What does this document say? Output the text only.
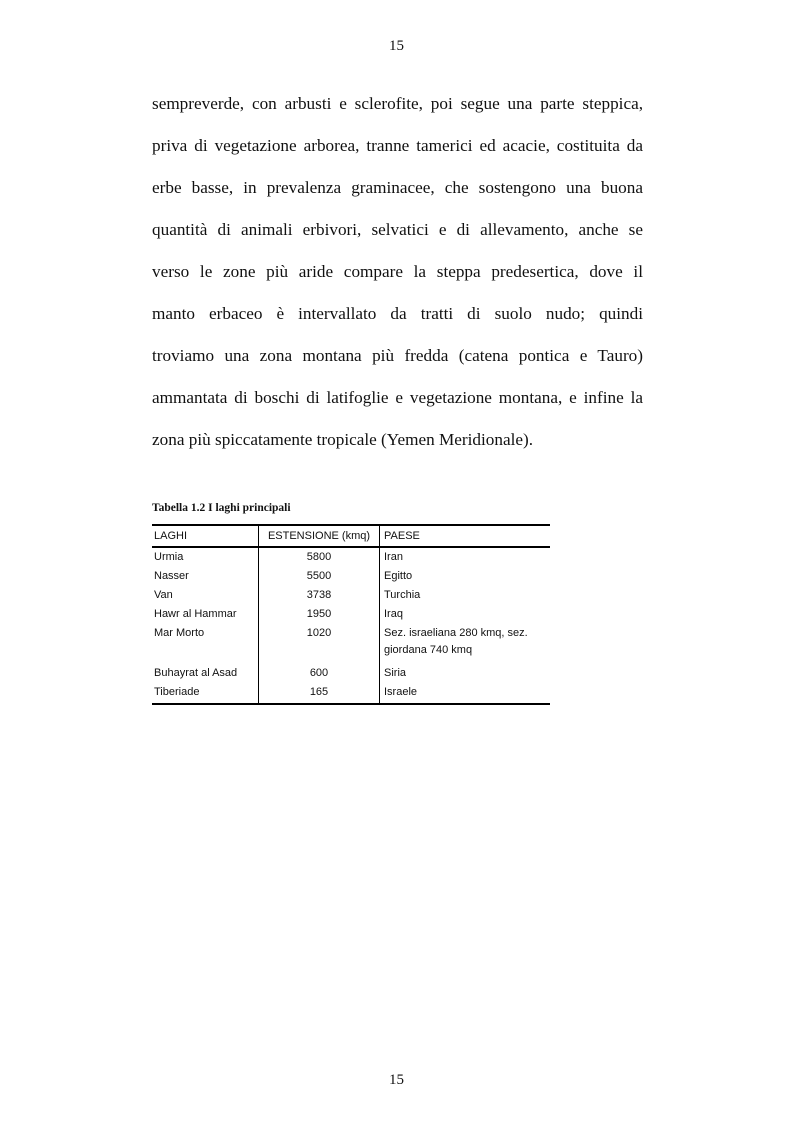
15
sempreverde, con arbusti e sclerofite, poi segue una parte steppica,
priva di vegetazione arborea, tranne tamerici ed acacie, costituita da
erbe basse, in prevalenza graminacee, che sostengono una buona
quantità di animali erbivori, selvatici e di allevamento, anche se
verso le zone più aride compare la steppa predesertica, dove il
manto erbaceo è intervallato da tratti di suolo nudo; quindi
troviamo una zona montana più fredda (catena pontica e Tauro)
ammantata di boschi di latifoglie e vegetazione montana, e infine la
zona più spiccatamente tropicale (Yemen Meridionale).
Tabella 1.2 I laghi principali
LAGHI	ESTENSIONE (kmq)	PAESE
Urmia	5800	Iran
Nasser	5500	Egitto
Van	3738	Turchia
Hawr al Hammar	1950	Iraq
Mar Morto	1020	Sez. israeliana 280 kmq, sez. giordana 740 kmq
Buhayrat al Asad	600	Siria
Tiberiade	165	Israele
15
